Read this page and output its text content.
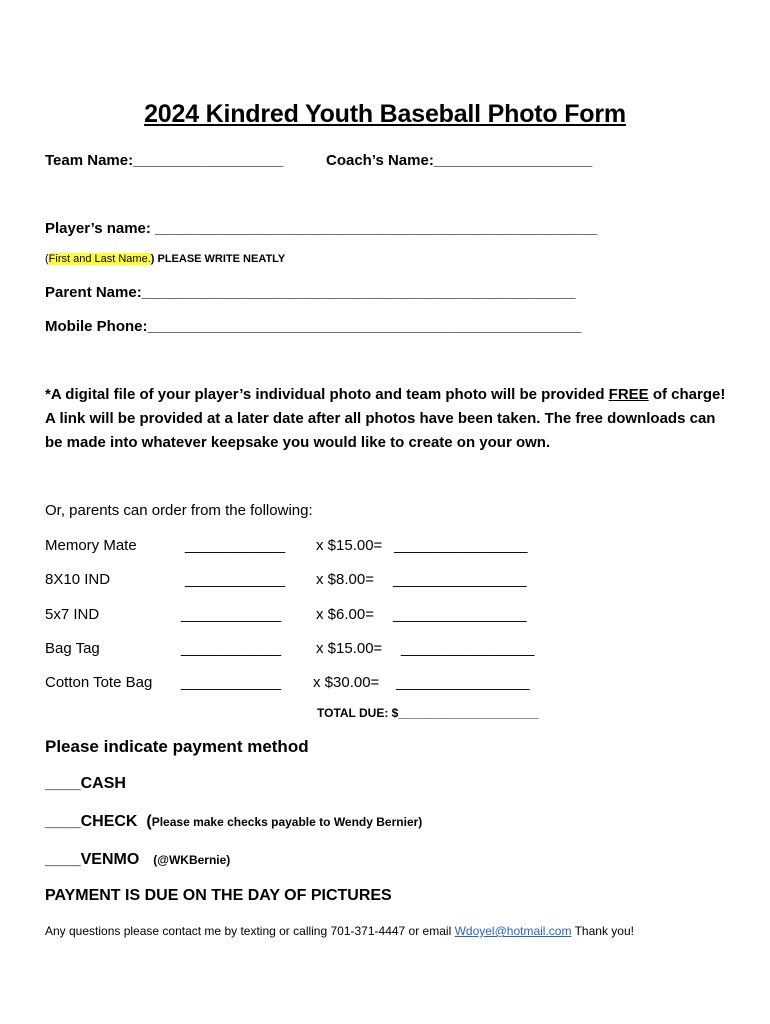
2024 Kindred Youth Baseball Photo Form
Team Name:__________________	Coach’s Name:___________________
Player’s name: _____________________________________________________
(First and Last Name.) PLEASE WRITE NEATLY
Parent Name:____________________________________________________
Mobile Phone:____________________________________________________
*A digital file of your player’s individual photo and team photo will be provided FREE of charge! A link will be provided at a later date after all photos have been taken. The free downloads can be made into whatever keepsake you would like to create on your own.
Or, parents can order from the following:
Memory Mate	____________ x $15.00= ________________
8X10 IND	____________ x $8.00= ________________
5x7 IND	____________ x $6.00= ________________
Bag Tag	____________ x $15.00= ________________
Cotton Tote Bag ____________ x $30.00= ________________
TOTAL DUE: $_____________________
Please indicate payment method
____CASH
____CHECK  (Please make checks payable to Wendy Bernier)
____VENMO (@WKBernie)
PAYMENT IS DUE ON THE DAY OF PICTURES
Any questions please contact me by texting or calling 701-371-4447 or email Wdoyel@hotmail.com Thank you!
